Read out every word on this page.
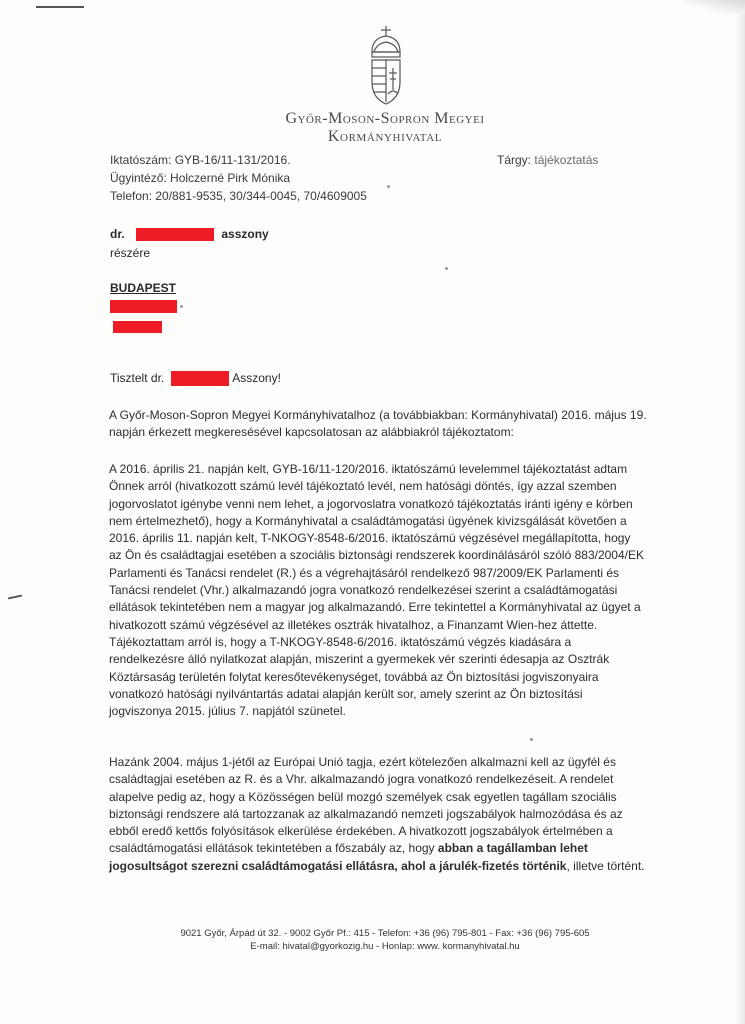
Győr-Moson-Sopron Megyei
Kormányhivatal
Iktatószám: GYB-16/11-131/2016.
Ügyintéző: Holczerné Pirk Mónika
Telefon: 20/881-9535, 30/344-0045, 70/4609005
Tárgy: tájékoztatás
dr.	asszony
részére
BUDAPEST
Tisztelt dr.	Asszony!
A Győr-Moson-Sopron Megyei Kormányhivatalhoz (a továbbiakban: Kormányhivatal) 2016. május 19.
napján érkezett megkeresésével kapcsolatosan az alábbiakról tájékoztatom:
A 2016. április 21. napján kelt, GYB-16/11-120/2016. iktatószámú levelemmel tájékoztatást adtam
Önnek arról (hivatkozott számú levél tájékoztató levél, nem hatósági döntés, így azzal szemben
jogorvoslatot igénybe venni nem lehet, a jogorvoslatra vonatkozó tájékoztatás iránti igény e körben
nem értelmezhető), hogy a Kormányhivatal a családtámogatási ügyének kivizsgálását követően a
2016. április 11. napján kelt, T-NKOGY-8548-6/2016. iktatószámú végzésével megállapította, hogy
az Ön és családtagjai esetében a szociális biztonsági rendszerek koordinálásáról szóló 883/2004/EK
Parlamenti és Tanácsi rendelet (R.) és a végrehajtásáról rendelkező 987/2009/EK Parlamenti és
Tanácsi rendelet (Vhr.) alkalmazandó jogra vonatkozó rendelkezései szerint a családtámogatási
ellátások tekintetében nem a magyar jog alkalmazandó. Erre tekintettel a Kormányhivatal az ügyet a
hivatkozott számú végzésével az illetékes osztrák hivatalhoz, a Finanzamt Wien-hez áttette.
Tájékoztattam arról is, hogy a T-NKOGY-8548-6/2016. iktatószámú végzés kiadására a
rendelkezésre álló nyilatkozat alapján, miszerint a gyermekek vér szerinti édesapja az Osztrák
Köztársaság területén folytat keresőtevékenységet, továbbá az Ön biztosítási jogviszonyaira
vonatkozó hatósági nyilvántartás adatai alapján került sor, amely szerint az Ön biztosítási
jogviszonya 2015. július 7. napjától szünetel.
Hazánk 2004. május 1-jétől az Európai Unió tagja, ezért kötelezően alkalmazni kell az ügyfél és
családtagjai esetében az R. és a Vhr. alkalmazandó jogra vonatkozó rendelkezéseit. A rendelet
alapelve pedig az, hogy a Közösségen belül mozgó személyek csak egyetlen tagállam szociális
biztonsági rendszere alá tartozzanak az alkalmazandó nemzeti jogszabályok halmozódása és az
ebből eredő kettős folyósítások elkerülése érdekében. A hivatkozott jogszabályok értelmében a
családtámogatási ellátások tekintetében a főszabály az, hogy abban a tagállamban lehet
jogosultságot szerezni családtámogatási ellátásra, ahol a járulék-fizetés történik, illetve történt.
9021 Győr, Árpád út 32. - 9002 Győr Pf.: 415 - Telefon: +36 (96) 795-801 - Fax: +36 (96) 795-605
E-mail: hivatal@gyorkozig.hu - Honlap: www. kormanyhivatal.hu
